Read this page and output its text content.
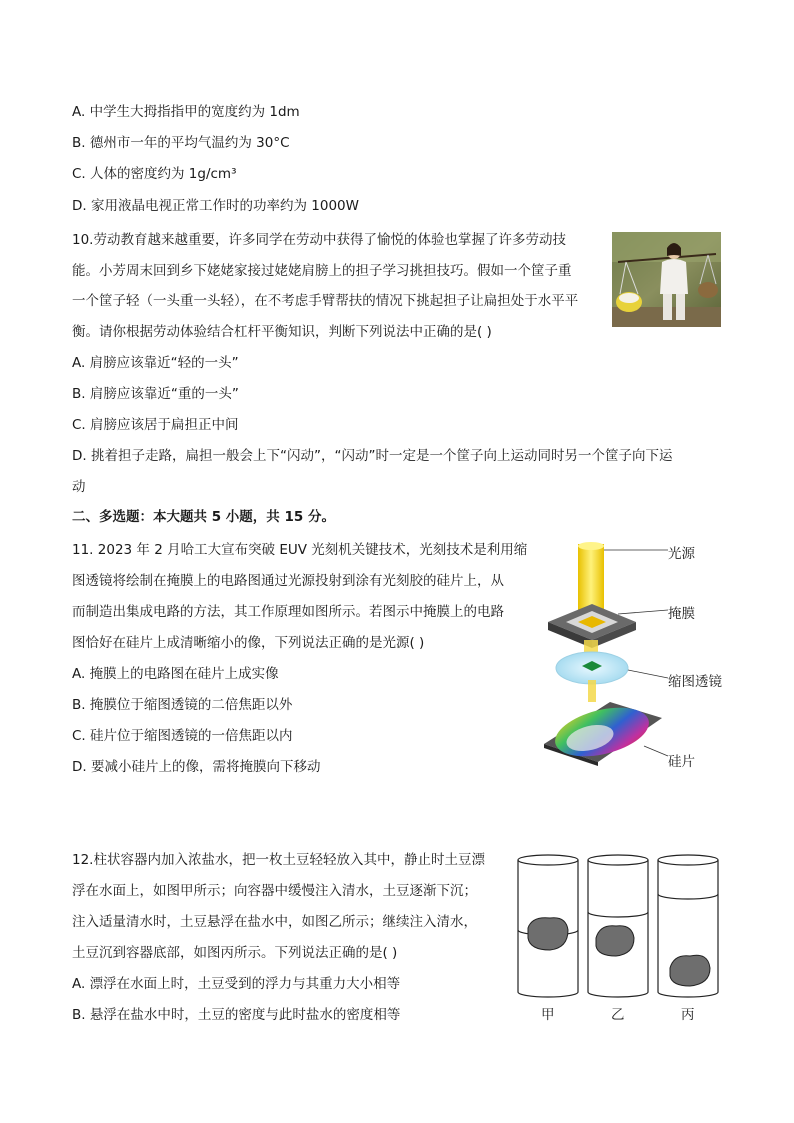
A. 中学生大拇指指甲的宽度约为 1dm
B. 德州市一年的平均气温约为 30°C
C. 人体的密度约为 1g/cm³
D. 家用液晶电视正常工作时的功率约为 1000W
10.劳动教育越来越重要，许多同学在劳动中获得了愉悦的体验也掌握了许多劳动技
能。小芳周末回到乡下姥姥家接过姥姥肩膀上的担子学习挑担技巧。假如一个筐子重
一个筐子轻（一头重一头轻），在不考虑手臂帮扶的情况下挑起担子让扁担处于水平平
衡。请你根据劳动体验结合杠杆平衡知识，判断下列说法中正确的是( )
A. 肩膀应该靠近“轻的一头”
B. 肩膀应该靠近“重的一头”
C. 肩膀应该居于扁担正中间
D. 挑着担子走路，扁担一般会上下“闪动”，“闪动”时一定是一个筐子向上运动同时另一个筐子向下运
动
二、多选题：本大题共 5 小题，共 15 分。
11. 2023 年 2 月哈工大宣布突破 EUV 光刻机关键技术，光刻技术是利用缩
图透镜将绘制在掩膜上的电路图通过光源投射到涂有光刻胶的硅片上，从
而制造出集成电路的方法，其工作原理如图所示。若图示中掩膜上的电路
图恰好在硅片上成清晰缩小的像，下列说法正确的是光源( )
A. 掩膜上的电路图在硅片上成实像
B. 掩膜位于缩图透镜的二倍焦距以外
C. 硅片位于缩图透镜的一倍焦距以内
D. 要减小硅片上的像，需将掩膜向下移动
光源
掩膜
缩图透镜
硅片
12.柱状容器内加入浓盐水，把一枚土豆轻轻放入其中，静止时土豆漂
浮在水面上，如图甲所示；向容器中缓慢注入清水，土豆逐渐下沉；
注入适量清水时，土豆悬浮在盐水中，如图乙所示；继续注入清水，
土豆沉到容器底部，如图丙所示。下列说法正确的是( )
A. 漂浮在水面上时，土豆受到的浮力与其重力大小相等
B. 悬浮在盐水中时，土豆的密度与此时盐水的密度相等	甲	乙	丙
